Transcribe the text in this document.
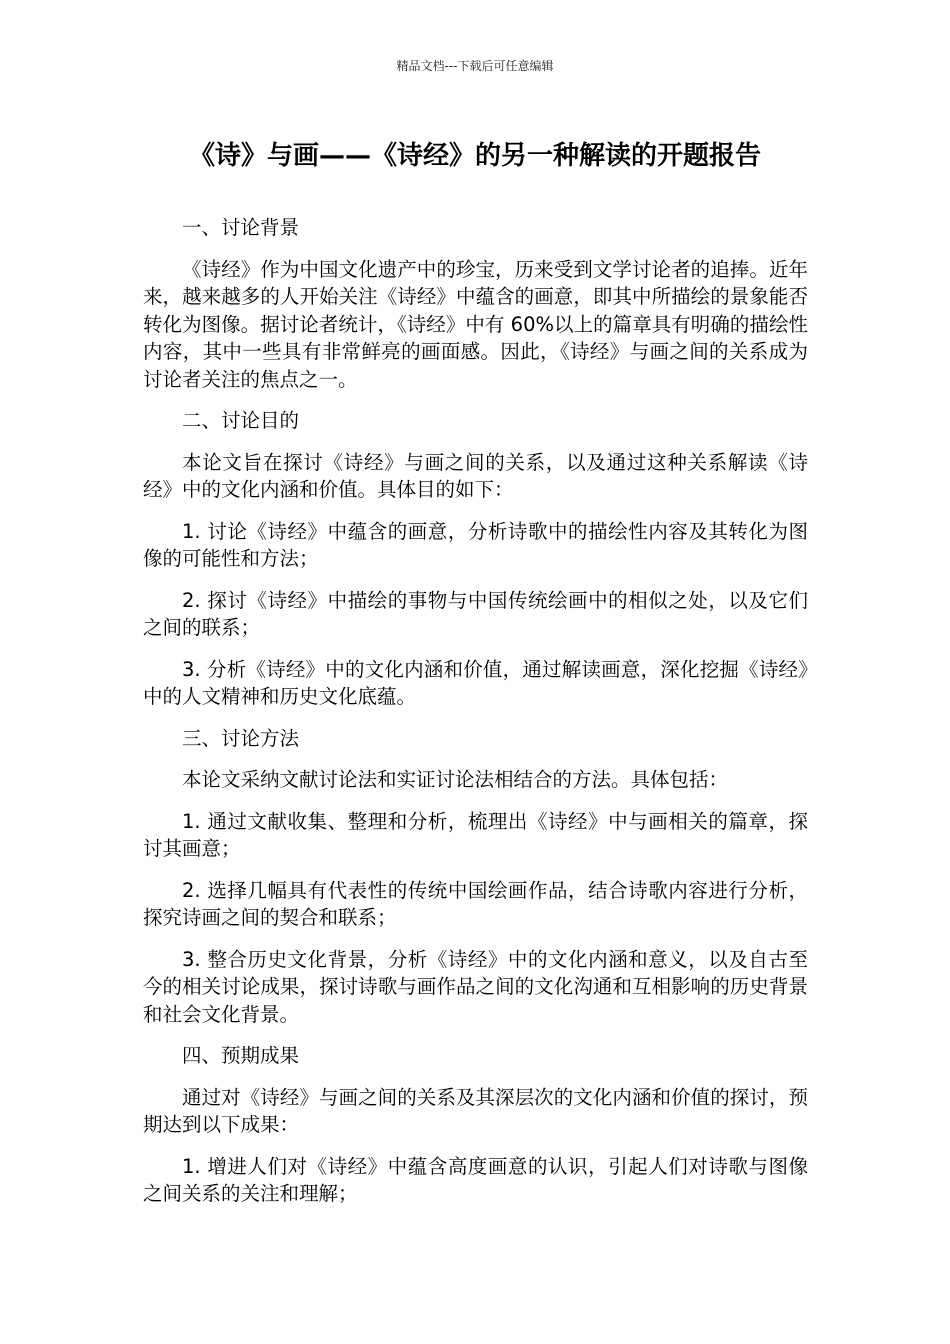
精品文档---下载后可任意编辑
《诗》与画——《诗经》的另一种解读的开题报告

一、讨论背景

《诗经》作为中国文化遗产中的珍宝，历来受到文学讨论者的追捧。近年来，越来越多的人开始关注《诗经》中蕴含的画意，即其中所描绘的景象能否转化为图像。据讨论者统计，《诗经》中有 60%以上的篇章具有明确的描绘性内容，其中一些具有非常鲜亮的画面感。因此，《诗经》与画之间的关系成为讨论者关注的焦点之一。

二、讨论目的

本论文旨在探讨《诗经》与画之间的关系，以及通过这种关系解读《诗经》中的文化内涵和价值。具体目的如下：

1. 讨论《诗经》中蕴含的画意，分析诗歌中的描绘性内容及其转化为图像的可能性和方法；

2. 探讨《诗经》中描绘的事物与中国传统绘画中的相似之处，以及它们之间的联系；

3. 分析《诗经》中的文化内涵和价值，通过解读画意，深化挖掘《诗经》中的人文精神和历史文化底蕴。

三、讨论方法

本论文采纳文献讨论法和实证讨论法相结合的方法。具体包括：

1. 通过文献收集、整理和分析，梳理出《诗经》中与画相关的篇章，探讨其画意；

2. 选择几幅具有代表性的传统中国绘画作品，结合诗歌内容进行分析，探究诗画之间的契合和联系；

3. 整合历史文化背景，分析《诗经》中的文化内涵和意义，以及自古至今的相关讨论成果，探讨诗歌与画作品之间的文化沟通和互相影响的历史背景和社会文化背景。

四、预期成果

通过对《诗经》与画之间的关系及其深层次的文化内涵和价值的探讨，预期达到以下成果：

1. 增进人们对《诗经》中蕴含高度画意的认识，引起人们对诗歌与图像之间关系的关注和理解；
